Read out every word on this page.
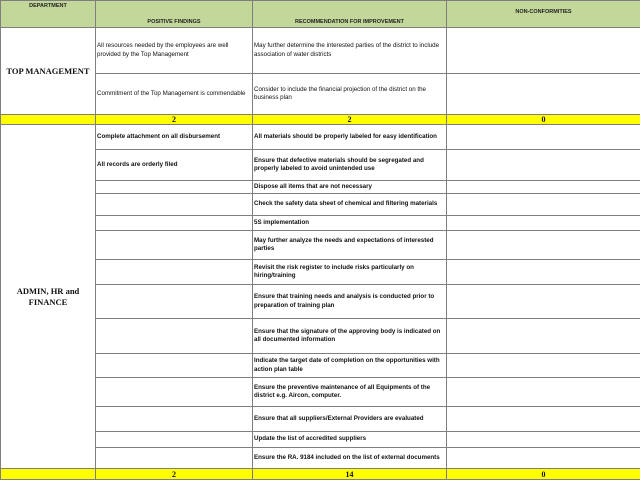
DEPARTMENT	POSITIVE FINDINGS	RECOMMENDATION FOR IMPROVEMENT	NON-CONFORMITIES
TOP MANAGEMENT	All resources needed by the employees are well provided by the Top Management	May further determine the interested parties of the district to include association of water districts	
	Commitment of the Top Management is commendable	Consider to include the financial projection of the district on the business plan	
	2	2	0
ADMIN, HR and FINANCE	Complete attachment on all disbursement	All materials should be properly labeled for easy identification	
	All records are orderly filed	Ensure that defective materials should be segregated and properly labeled to avoid unintended use	
		Dispose all items that are not necessary	
		Check the safety data sheet of chemical and filtering materials	
		5S implementation	
		May further analyze the needs and expectations of interested parties	
		Revisit the risk register to include risks particularly on hiring/training	
		Ensure that training needs and analysis is conducted prior to preparation of training plan	
		Ensure that the signature of the approving body is indicated on all documented information	
		Indicate the target date of completion on the opportunities with action plan table	
		Ensure the preventive maintenance of all Equipments of the district e.g. Aircon, computer.	
		Ensure that all suppliers/External Providers are evaluated	
		Update the list of accredited suppliers	
		Ensure the RA. 9184 included on the list of external documents	
	2	14	0
